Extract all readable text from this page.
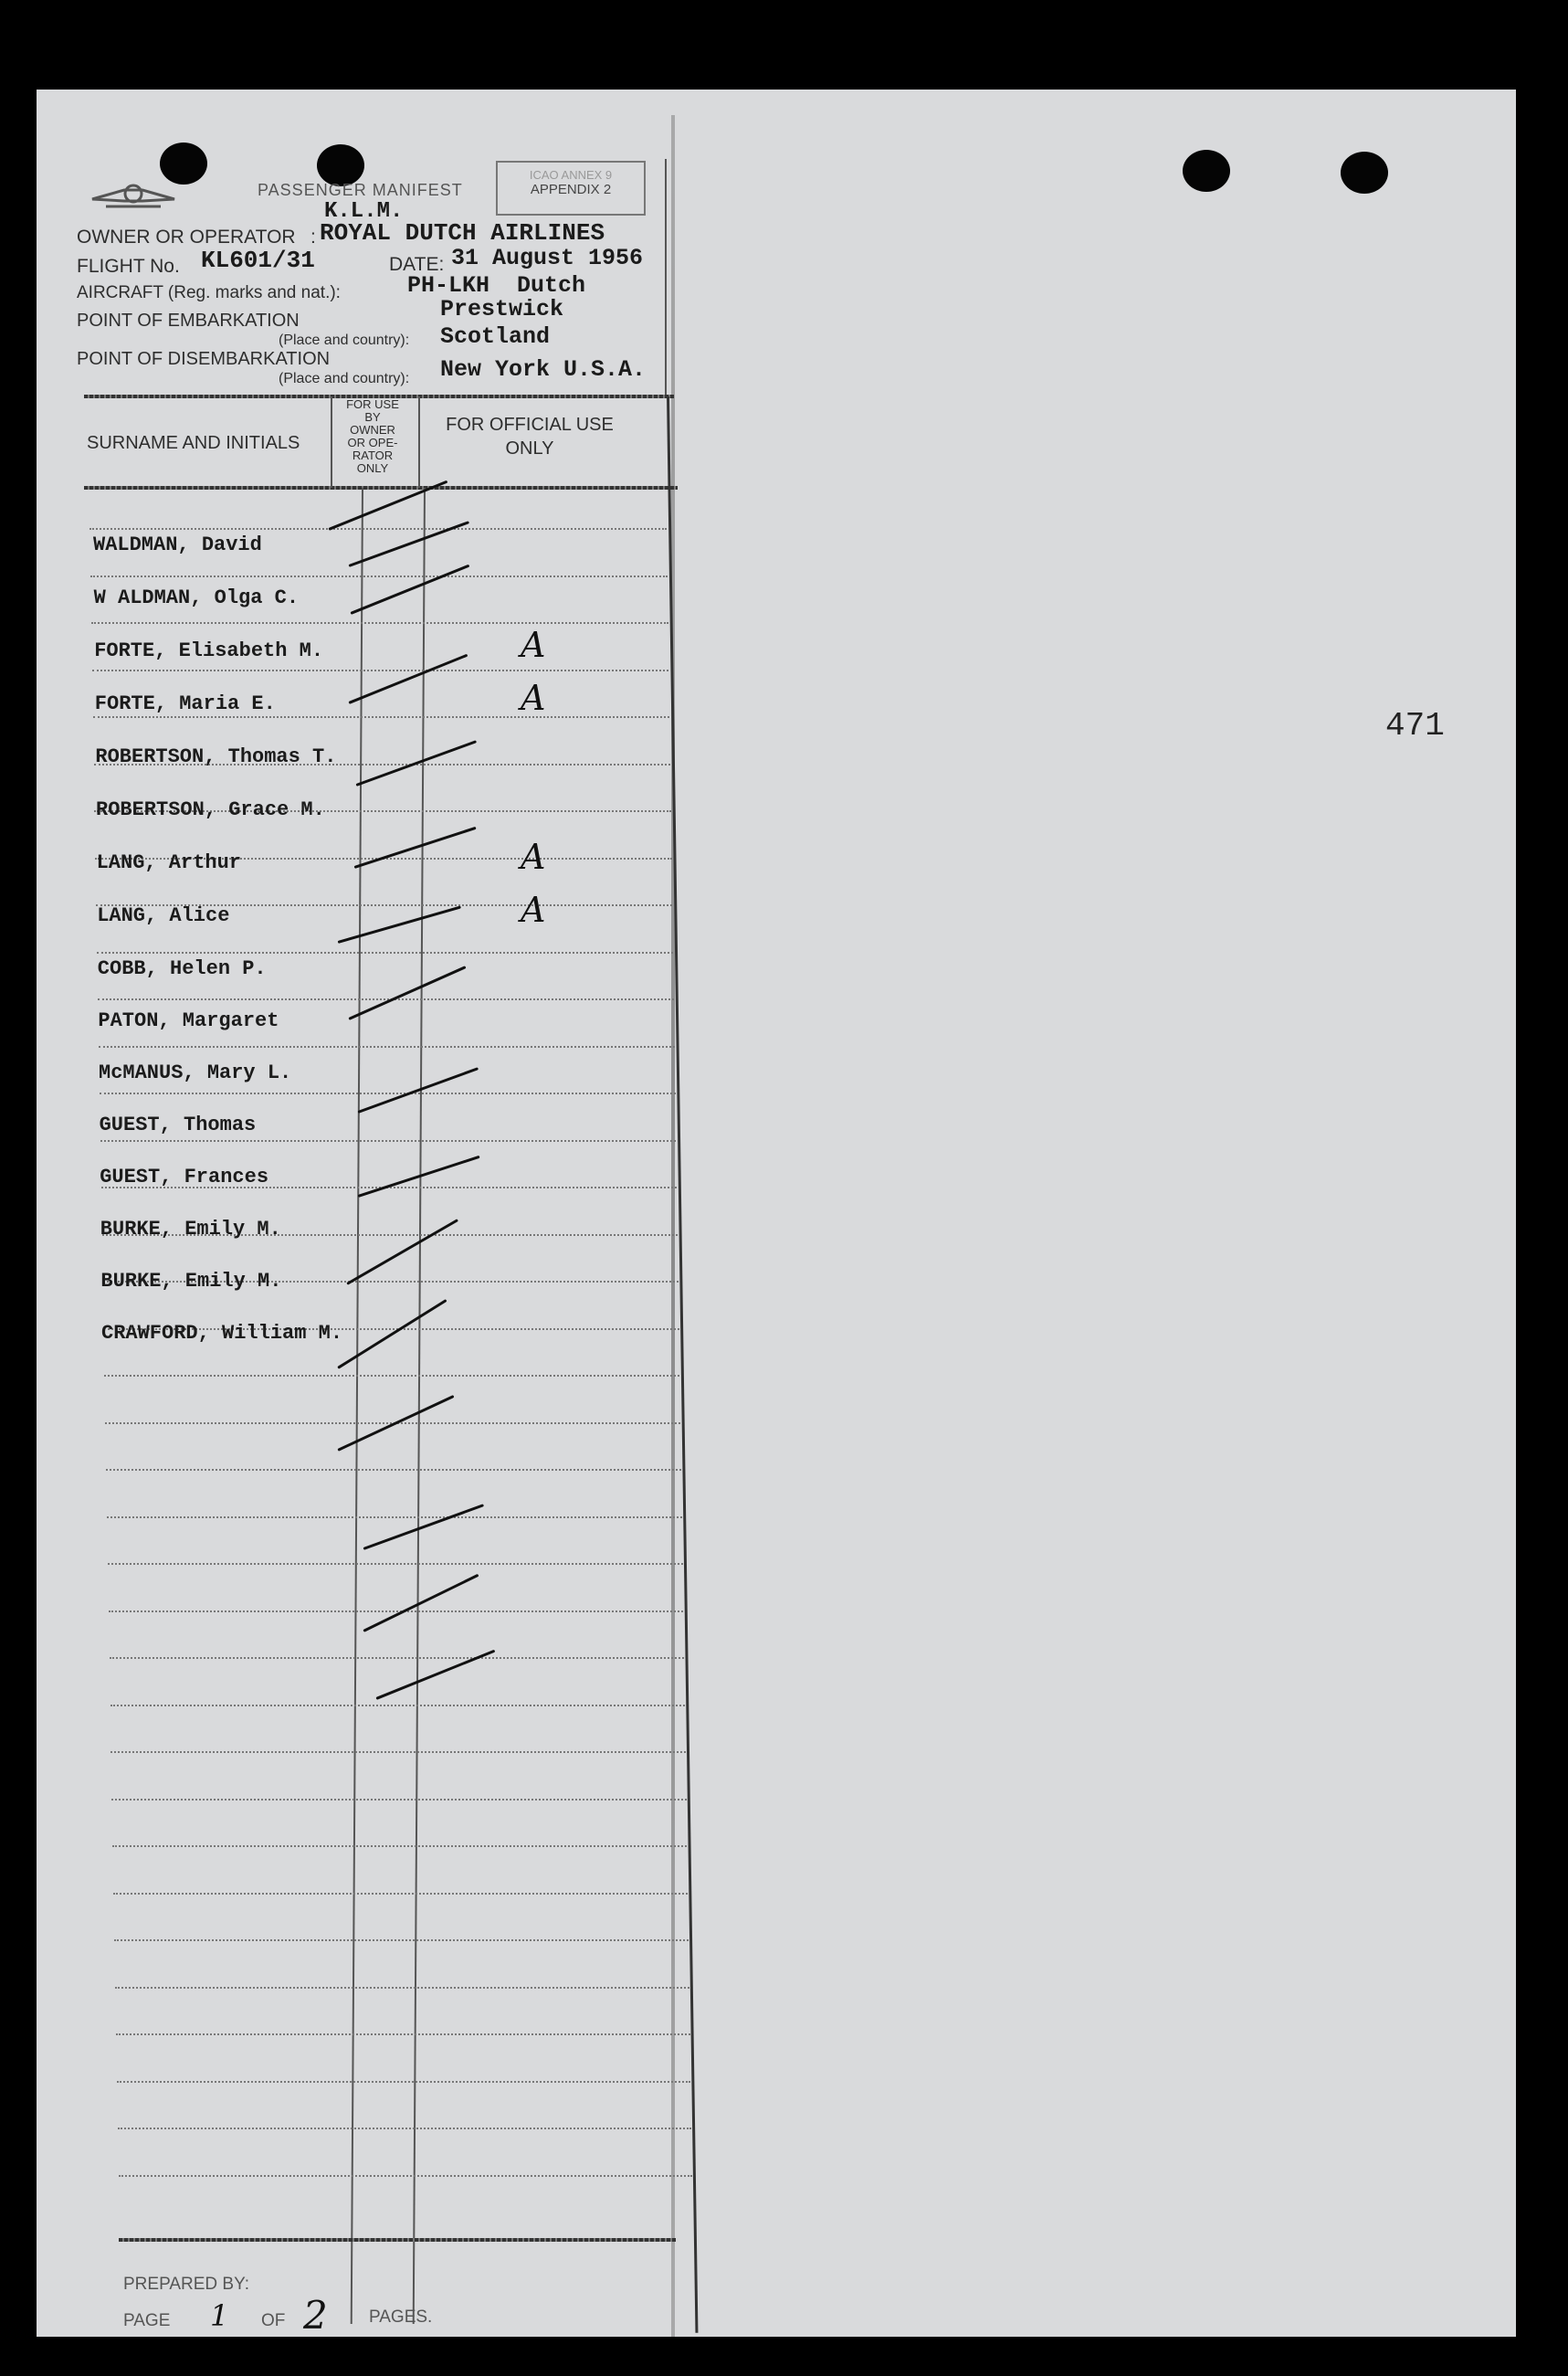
471
PASSENGER MANIFEST
ICAO ANNEX 9
APPENDIX 2
K.L.M.
OWNER OR OPERATOR : ROYAL DUTCH AIRLINES
FLIGHT No. KL601/31	DATE: 31 August 1956
AIRCRAFT (Reg. marks and nat.):	PH-LKH  Dutch
POINT OF EMBARKATION
(Place and country):
Prestwick
Scotland
POINT OF DISEMBARKATION
(Place and country): New York U.S.A.
SURNAME AND INITIALS
FOR USE
BY
OWNER
OR OPE-
RATOR
ONLY
FOR OFFICIAL USE
ONLY
WALDMAN, David
W ALDMAN, Olga C.
FORTE, Elisabeth M.	A
FORTE, Maria E.	A
ROBERTSON, Thomas T.
ROBERTSON, Grace M.
LANG, Arthur	A
LANG, Alice	A
COBB, Helen P.
PATON, Margaret
McMANUS, Mary L.
GUEST, Thomas
GUEST, Frances
BURKE, Emily M.
BURKE, Emily M.
CRAWFORD, William M.
PREPARED BY:
PAGE 1 OF 2 PAGES.
